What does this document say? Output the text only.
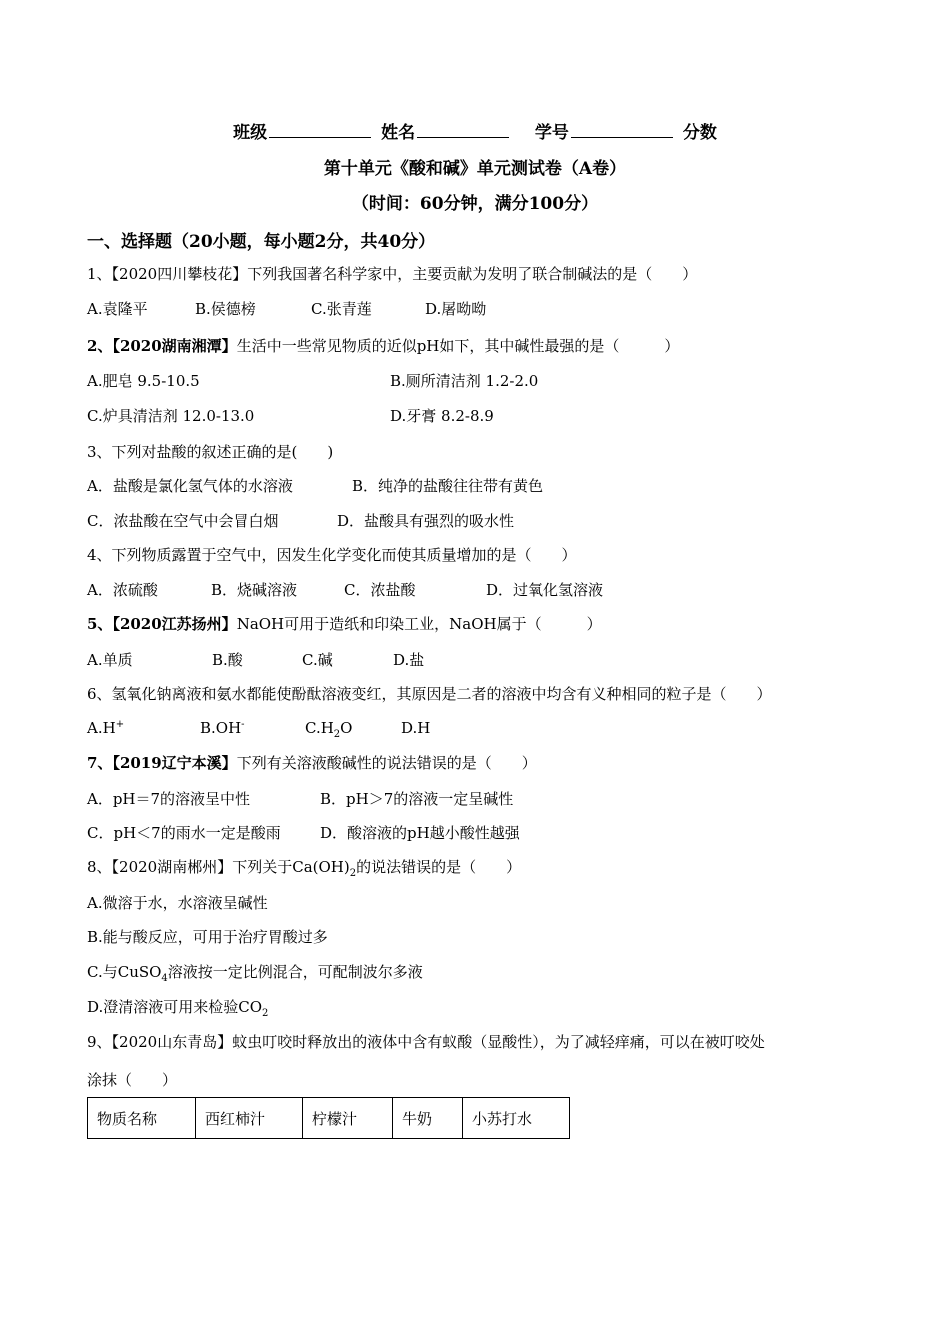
班级	姓名	学号	分数
第十单元《酸和碱》单元测试卷（A卷）
（时间：60分钟，满分100分）
一、选择题（20小题，每小题2分，共40分）
1、【2020四川攀枝花】下列我国著名科学家中，主要贡献为发明了联合制碱法的是（　　）
A.袁隆平	B.侯德榜	C.张青莲	D.屠呦呦
2、【2020湖南湘潭】生活中一些常见物质的近似pH如下，其中碱性最强的是（　　　）
A.肥皂 9.5-10.5	B.厕所清洁剂 1.2-2.0
C.炉具清洁剂 12.0-13.0	D.牙膏 8.2-8.9
3、下列对盐酸的叙述正确的是(　　)
A．盐酸是氯化氢气体的水溶液	B．纯净的盐酸往往带有黄色
C．浓盐酸在空气中会冒白烟	D．盐酸具有强烈的吸水性
4、下列物质露置于空气中，因发生化学变化而使其质量增加的是（　　）
A．浓硫酸	B．烧碱溶液	C．浓盐酸	D．过氧化氢溶液
5、【2020江苏扬州】NaOH可用于造纸和印染工业，NaOH属于（　　　）
A.单质	B.酸	C.碱	D.盐
6、氢氧化钠离液和氨水都能使酚酞溶液变红，其原因是二者的溶液中均含有义种相同的粒子是（　　）
A.H+	B.OH-	$C.H_2O$	D.H
7、【2019辽宁本溪】下列有关溶液酸碱性的说法错误的是（　　）
A．pH＝7的溶液呈中性	B．pH＞7的溶液一定呈碱性
C．pH＜7的雨水一定是酸雨	D．酸溶液的pH越小酸性越强
8、【2020湖南郴州】下列关于$Ca(OH)_2$的说法错误的是（　　）
A.微溶于水，水溶液呈碱性
B.能与酸反应，可用于治疗胃酸过多
C.与CuSO$_4$溶液按一定比例混合，可配制波尔多液
D.澄清溶液可用来检验$CO_2$
9、【2020山东青岛】蚊虫叮咬时释放出的液体中含有蚁酸（显酸性），为了减轻痒痛，可以在被叮咬处
涂抹（　　）
物质名称	西红柿汁	柠檬汁	牛奶	小苏打水
